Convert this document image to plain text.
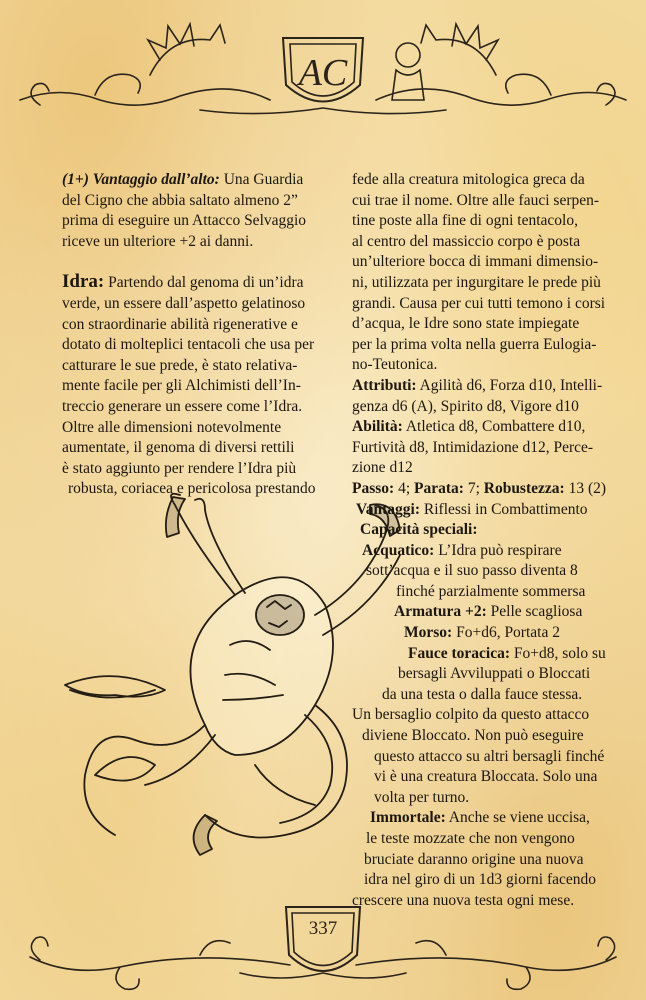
AC

(1+) Vantaggio dall’alto: Una Guardia
del Cigno che abbia saltato almeno 2”
prima di eseguire un Attacco Selvaggio
riceve un ulteriore +2 ai danni.

Idra: Partendo dal genoma di un’idra
verde, un essere dall’aspetto gelatinoso
con straordinarie abilità rigenerative e
dotato di molteplici tentacoli che usa per
catturare le sue prede, è stato relativa-
mente facile per gli Alchimisti dell’In-
treccio generare un essere come l’Idra.
Oltre alle dimensioni notevolmente
aumentate, il genoma di diversi rettili
è stato aggiunto per rendere l’Idra più
robusta, coriacea e pericolosa prestando

fede alla creatura mitologica greca da
cui trae il nome. Oltre alle fauci serpen-
tine poste alla fine di ogni tentacolo,
al centro del massiccio corpo è posta
un’ulteriore bocca di immani dimensio-
ni, utilizzata per ingurgitare le prede più
grandi. Causa per cui tutti temono i corsi
d’acqua, le Idre sono state impiegate
per la prima volta nella guerra Eulogia-
no-Teutonica.

Attributi: Agilità d6, Forza d10, Intelli-
genza d6 (A), Spirito d8, Vigore d10

Abilità: Atletica d8, Combattere d10,
Furtività d8, Intimidazione d12, Perce-
zione d12

Passo: 4; Parata: 7; Robustezza: 13 (2)

Vantaggi: Riflessi in Combattimento

Capacità speciali:

Acquatico: L’Idra può respirare
sott’acqua e il suo passo diventa 8
finché parzialmente sommersa

Armatura +2: Pelle scagliosa

Morso: Fo+d6, Portata 2

Fauce toracica: Fo+d8, solo su
bersagli Avviluppati o Bloccati
da una testa o dalla fauce stessa.
Un bersaglio colpito da questo attacco
diviene Bloccato. Non può eseguire
questo attacco su altri bersagli finché
vi è una creatura Bloccata. Solo una
volta per turno.

Immortale: Anche se viene uccisa,
le teste mozzate che non vengono
bruciate daranno origine una nuova
idra nel giro di un 1d3 giorni facendo
crescere una nuova testa ogni mese.

337
